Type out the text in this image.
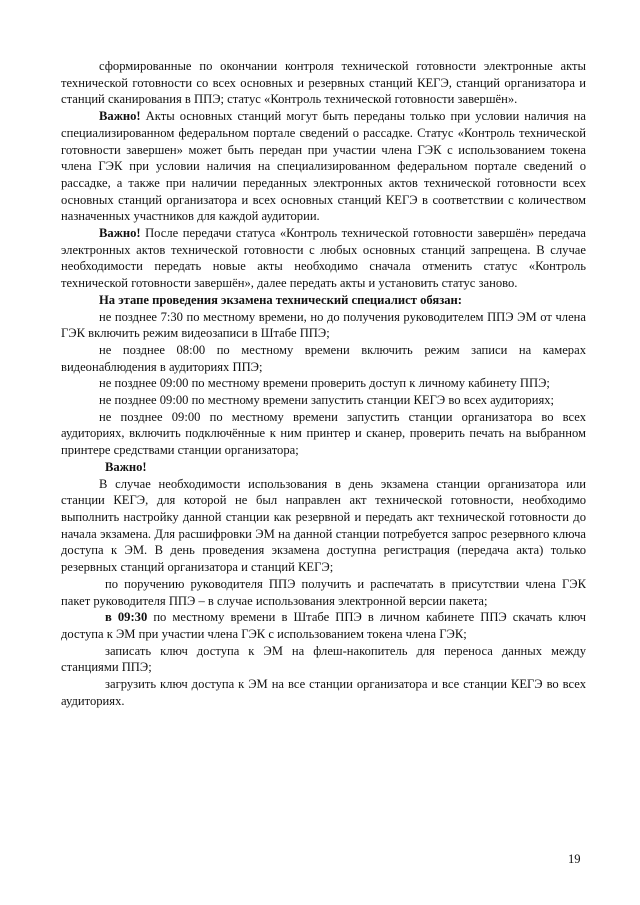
сформированные по окончании контроля технической готовности электронные акты технической готовности со всех основных и резервных станций КЕГЭ, станций организатора и станций сканирования в ППЭ; статус «Контроль технической готовности завершён».

Важно! Акты основных станций могут быть переданы только при условии наличия на специализированном федеральном портале сведений о рассадке. Статус «Контроль технической готовности завершен» может быть передан при участии члена ГЭК с использованием токена члена ГЭК при условии наличия на специализированном федеральном портале сведений о рассадке, а также при наличии переданных электронных актов технической готовности всех основных станций организатора и всех основных станций КЕГЭ в соответствии с количеством назначенных участников для каждой аудитории.

Важно! После передачи статуса «Контроль технической готовности завершён» передача электронных актов технической готовности с любых основных станций запрещена. В случае необходимости передать новые акты необходимо сначала отменить статус «Контроль технической готовности завершён», далее передать акты и установить статус заново.

На этапе проведения экзамена технический специалист обязан:

не позднее 7:30 по местному времени, но до получения руководителем ППЭ ЭМ от члена ГЭК включить режим видеозаписи в Штабе ППЭ;

не позднее 08:00 по местному времени включить режим записи на камерах видеонаблюдения в аудиториях ППЭ;

не позднее 09:00 по местному времени проверить доступ к личному кабинету ППЭ;

не позднее 09:00 по местному времени запустить станции КЕГЭ во всех аудиториях;

не позднее 09:00 по местному времени запустить станции организатора во всех аудиториях, включить подключённые к ним принтер и сканер, проверить печать на выбранном принтере средствами станции организатора;

Важно!

В случае необходимости использования в день экзамена станции организатора или станции КЕГЭ, для которой не был направлен акт технической готовности, необходимо выполнить настройку данной станции как резервной и передать акт технической готовности до начала экзамена. Для расшифровки ЭМ на данной станции потребуется запрос резервного ключа доступа к ЭМ. В день проведения экзамена доступна регистрация (передача акта) только резервных станций организатора и станций КЕГЭ;

по поручению руководителя ППЭ получить и распечатать в присутствии члена ГЭК пакет руководителя ППЭ – в случае использования электронной версии пакета;

в 09:30 по местному времени в Штабе ППЭ в личном кабинете ППЭ скачать ключ доступа к ЭМ при участии члена ГЭК с использованием токена члена ГЭК;

записать ключ доступа к ЭМ на флеш-накопитель для переноса данных между станциями ППЭ;

загрузить ключ доступа к ЭМ на все станции организатора и все станции КЕГЭ во всех аудиториях.

19
